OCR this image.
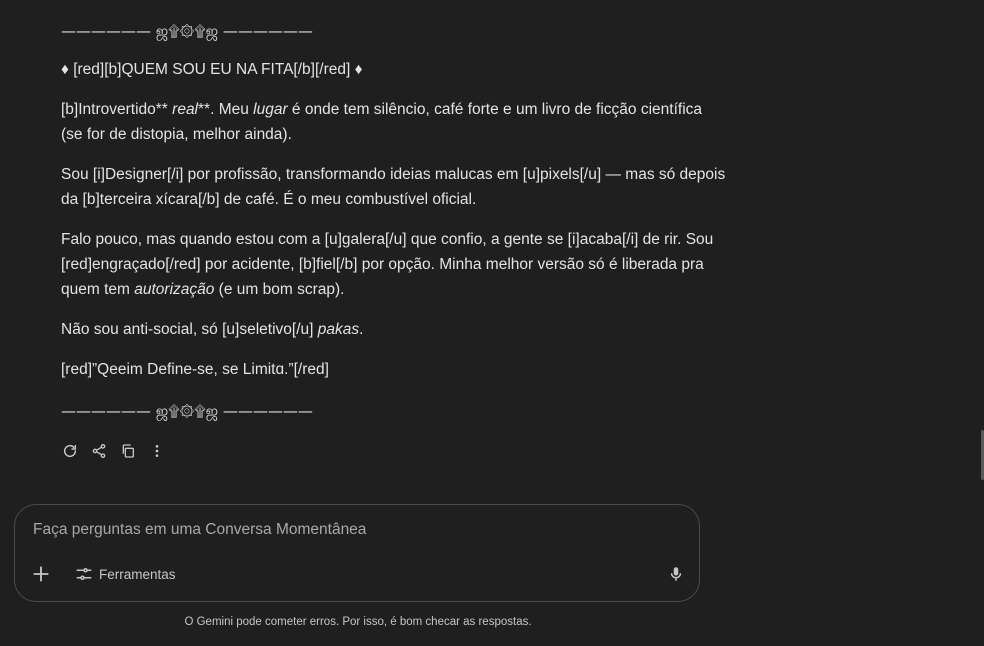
—————— ஜ۩۞۩ஜ ——————
♦ [red][b]QUEM SOU EU NA FITA[/b][/red] ♦
[b]Introvertido** real**. Meu lugar é onde tem silêncio, café forte e um livro de ficção científica
(se for de distopia, melhor ainda).
Sou [i]Designer[/i] por profissão, transformando ideias malucas em [u]pixels[/u] — mas só depois
da [b]terceira xícara[/b] de café. É o meu combustível oficial.
Falo pouco, mas quando estou com a [u]galera[/u] que confio, a gente se [i]acaba[/i] de rir. Sou
[red]engraçado[/red] por acidente, [b]fiel[/b] por opção. Minha melhor versão só é liberada pra
quem tem autorização (e um bom scrap).
Não sou anti-social, só [u]seletivo[/u] pakas.
[red]”Qeeim Define-se, se Limitɑ.”[/red]
—————— ஜ۩۞۩ஜ ——————
Faça perguntas em uma Conversa Momentânea
Ferramentas
O Gemini pode cometer erros. Por isso, é bom checar as respostas.
